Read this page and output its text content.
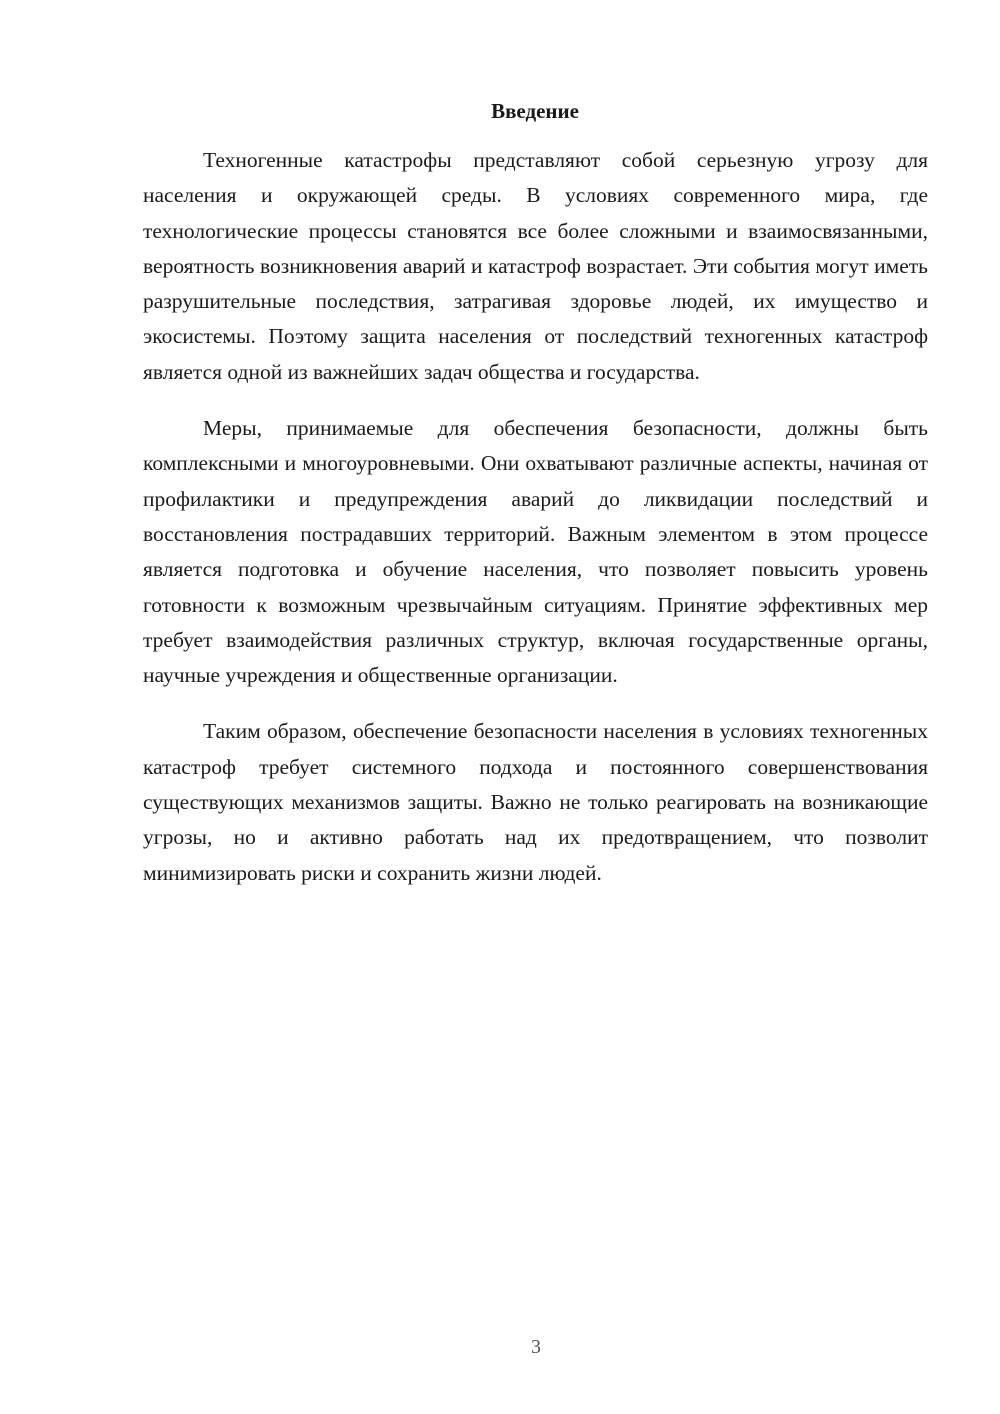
Введение

Техногенные катастрофы представляют собой серьезную угрозу для населения и окружающей среды. В условиях современного мира, где технологические процессы становятся все более сложными и взаимосвязанными, вероятность возникновения аварий и катастроф возрастает. Эти события могут иметь разрушительные последствия, затрагивая здоровье людей, их имущество и экосистемы. Поэтому защита населения от последствий техногенных катастроф является одной из важнейших задач общества и государства.

Меры, принимаемые для обеспечения безопасности, должны быть комплексными и многоуровневыми. Они охватывают различные аспекты, начиная от профилактики и предупреждения аварий до ликвидации последствий и восстановления пострадавших территорий. Важным элементом в этом процессе является подготовка и обучение населения, что позволяет повысить уровень готовности к возможным чрезвычайным ситуациям. Принятие эффективных мер требует взаимодействия различных структур, включая государственные органы, научные учреждения и общественные организации.

Таким образом, обеспечение безопасности населения в условиях техногенных катастроф требует системного подхода и постоянного совершенствования существующих механизмов защиты. Важно не только реагировать на возникающие угрозы, но и активно работать над их предотвращением, что позволит минимизировать риски и сохранить жизни людей.

3
